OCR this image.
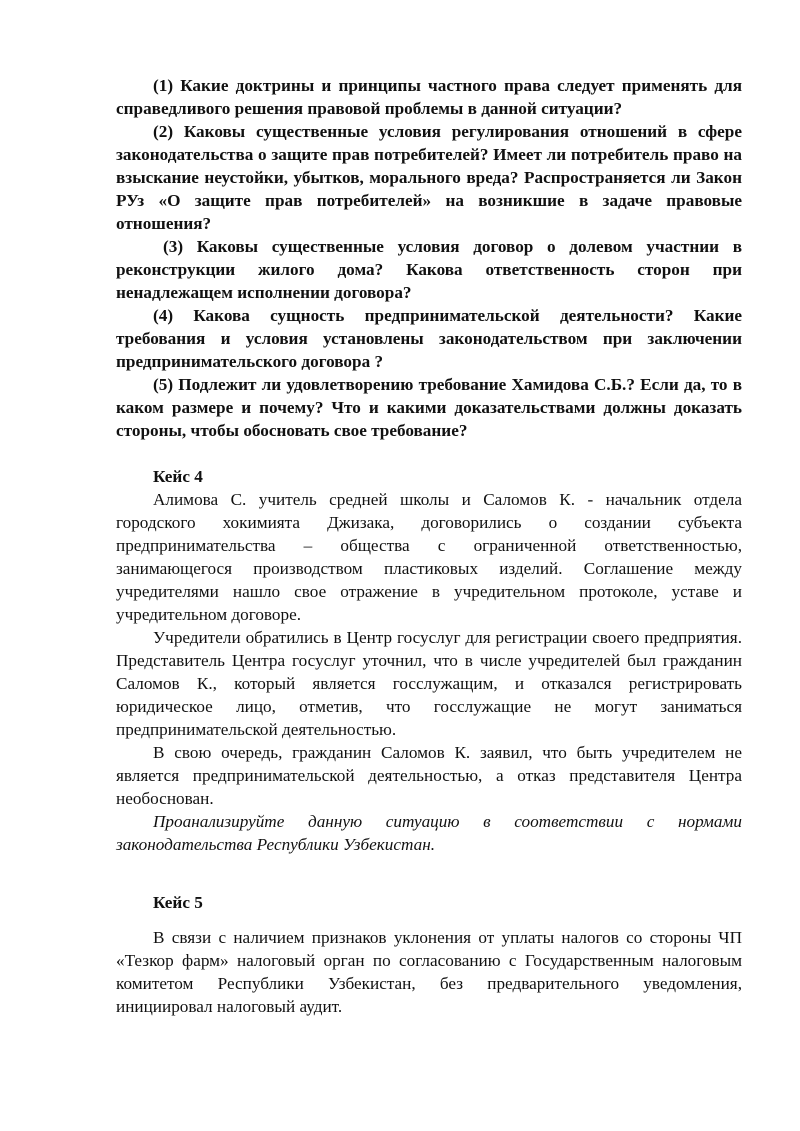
(1) Какие доктрины и принципы частного права следует применять для справедливого решения правовой проблемы в данной ситуации?

(2) Каковы существенные условия регулирования отношений в сфере законодательства о защите прав потребителей? Имеет ли потребитель право на взыскание неустойки, убытков, морального вреда? Распространяется ли Закон РУз «О защите прав потребителей» на возникшие в задаче правовые отношения?

(3) Каковы существенные условия договор о долевом участнии в реконструкции жилого дома? Какова ответственность сторон при ненадлежащем исполнении договора?

(4) Какова сущность предпринимательской деятельности? Какие требования и условия установлены законодательством при заключении предпринимательского договора ?

(5) Подлежит ли удовлетворению требование Хамидова С.Б.? Если да, то в каком размере и почему? Что и какими доказательствами должны доказать стороны, чтобы обосновать свое требование?

Кейс 4

Алимова С. учитель средней школы и Саломов К. - начальник отдела городского хокимията Джизака, договорились о создании субъекта предпринимательства – общества с ограниченной ответственностью, занимающегося производством пластиковых изделий. Соглашение между учредителями нашло свое отражение в учредительном протоколе, уставе и учредительном договоре.

Учредители обратились в Центр госуслуг для регистрации своего предприятия. Представитель Центра госуслуг уточнил, что в числе учредителей был гражданин Саломов К., который является госслужащим, и отказался регистрировать юридическое лицо, отметив, что госслужащие не могут заниматься предпринимательской деятельностью.

В свою очередь, гражданин Саломов К. заявил, что быть учредителем не является предпринимательской деятельностью, а отказ представителя Центра необоснован.

Проанализируйте данную ситуацию в соответствии с нормами законодательства Республики Узбекистан.

Кейс 5

В связи с наличием признаков уклонения от уплаты налогов со стороны ЧП «Тезкор фарм» налоговый орган по согласованию с Государственным налоговым комитетом Республики Узбекистан, без предварительного уведомления, инициировал налоговый аудит.
